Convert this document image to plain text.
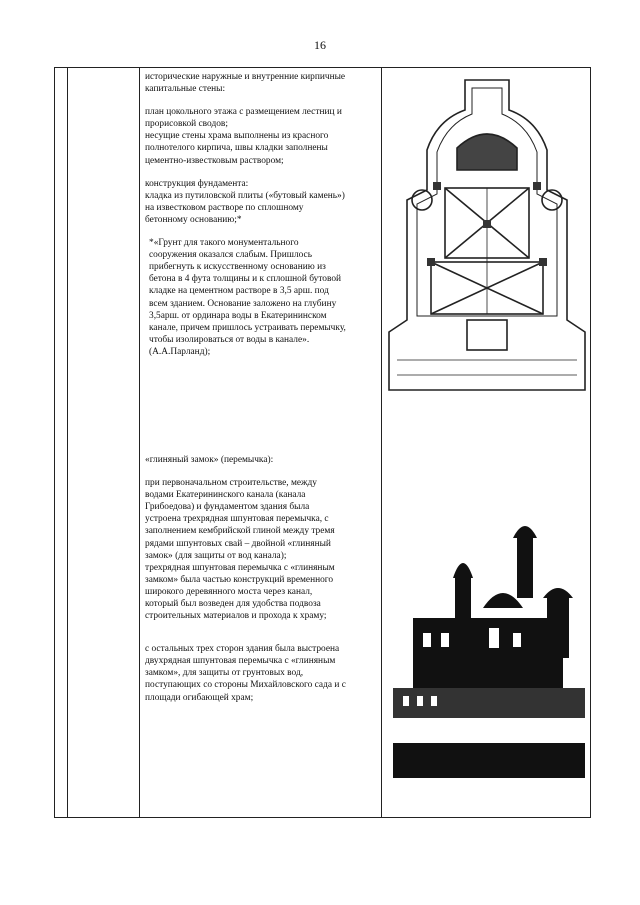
16

исторические наружные и внутренние кирпичные

капитальные стены:

план цокольного этажа с размещением лестниц и

прорисовкой сводов;

несущие стены храма выполнены из красного

полнотелого кирпича, швы кладки заполнены

цементно-известковым раствором;

конструкция фундамента:

кладка из путиловской плиты («бутовый камень»)

на известковом растворе по сплошному

бетонному основанию;*

*«Грунт для такого монументального

сооружения оказался слабым. Пришлось

прибегнуть к искусственному основанию из

бетона в 4 фута толщины и к сплошной бутовой

кладке на цементном растворе в 3,5 арш. под

всем зданием. Основание заложено на глубину

3,5арш. от ординара воды в Екатерининском

канале, причем пришлось устраивать перемычку,

чтобы изолироваться от воды в канале».

(А.А.Парланд);

«глиняный замок» (перемычка):

при первоначальном строительстве, между

водами Екатерининского канала (канала

Грибоедова) и фундаментом здания была

устроена трехрядная шпунтовая перемычка, с

заполнением кембрийской глиной между тремя

рядами шпунтовых свай – двойной «глиняный

замок» (для защиты от вод канала);

трехрядная шпунтовая перемычка с «глиняным

замком» была частью конструкций временного

широкого деревянного моста через канал,

который был возведен для удобства подвоза

строительных материалов и прохода к храму;

с остальных трех сторон здания была выстроена

двухрядная шпунтовая перемычка с «глиняным

замком», для защиты от грунтовых вод,

поступающих со стороны Михайловского сада и с

площади огибающей храм;
